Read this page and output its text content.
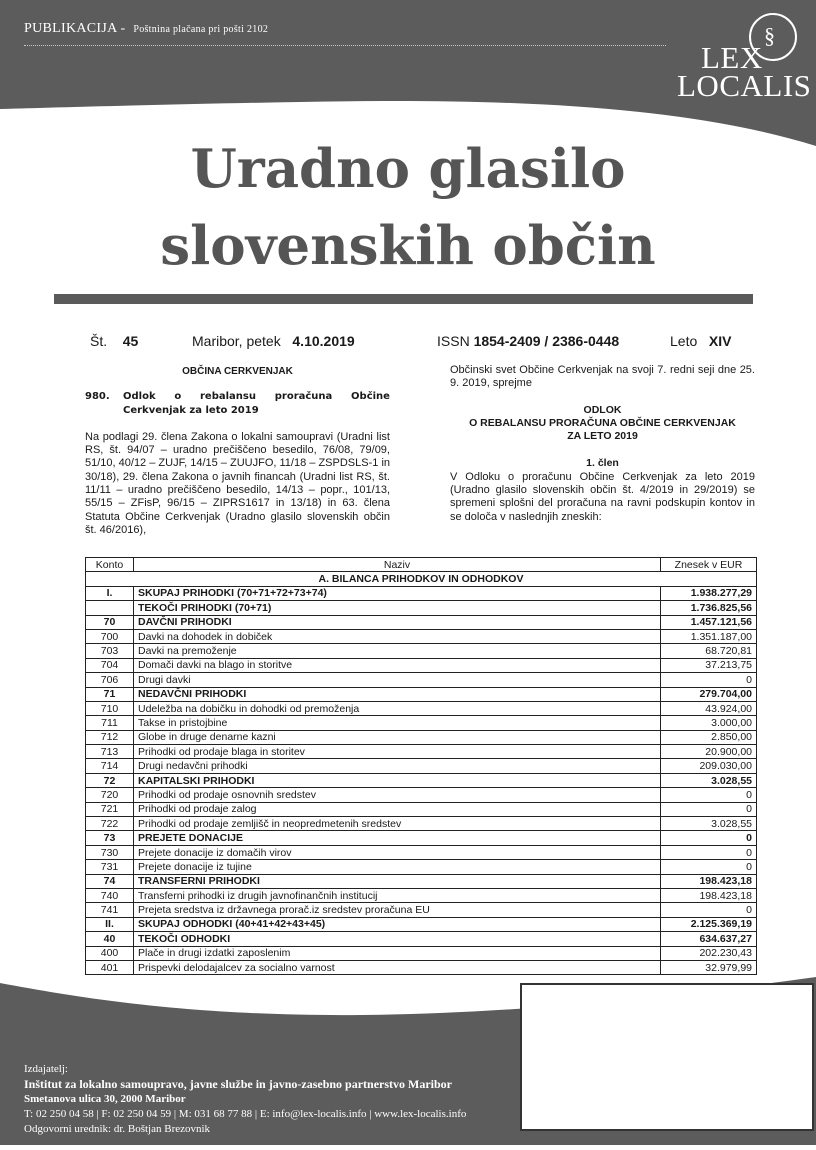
PUBLIKACIJA - Poštnina plačana pri pošti 2102	§
LEX
LOCALIS
Uradno glasilo
slovenskih občin
Št. 45	Maribor, petek 4.10.2019	ISSN 1854-2409 / 2386-0448	Leto XIV
OBČINA CERKVENJAK
980.	Odlok o rebalansu proračuna Občine
Cerkvenjak za leto 2019
Na podlagi 29. člena Zakona o lokalni samoupravi (Uradni list RS, št. 94/07 – uradno prečiščeno besedilo, 76/08, 79/09, 51/10, 40/12 – ZUJF, 14/15 – ZUUJFO, 11/18 – ZSPDSLS-1 in 30/18), 29. člena Zakona o javnih financah (Uradni list RS, št. 11/11 – uradno prečiščeno besedilo, 14/13 – popr., 101/13, 55/15 – ZFisP, 96/15 – ZIPRS1617 in 13/18) in 63. člena Statuta Občine Cerkvenjak (Uradno glasilo slovenskih občin št. 46/2016),
Občinski svet Občine Cerkvenjak na svoji 7. redni seji dne 25. 9. 2019, sprejme
ODLOK
O REBALANSU PRORAČUNA OBČINE CERKVENJAK
ZA LETO 2019
1. člen
V Odloku o proračunu Občine Cerkvenjak za leto 2019 (Uradno glasilo slovenskih občin št. 4/2019 in 29/2019) se spremeni splošni del proračuna na ravni podskupin kontov in se določa v naslednjih zneskih:
Konto	Naziv	Znesek v EUR
A. BILANCA PRIHODKOV IN ODHODKOV		
I.	SKUPAJ PRIHODKI (70+71+72+73+74)	1.938.277,29
	TEKOČI PRIHODKI (70+71)	1.736.825,56
70	DAVČNI PRIHODKI	1.457.121,56
700	Davki na dohodek in dobiček	1.351.187,00
703	Davki na premoženje	68.720,81
704	Domači davki na blago in storitve	37.213,75
706	Drugi davki	0
71	NEDAVČNI PRIHODKI	279.704,00
710	Udeležba na dobičku in dohodki od premoženja	43.924,00
711	Takse in pristojbine	3.000,00
712	Globe in druge denarne kazni	2.850,00
713	Prihodki od prodaje blaga in storitev	20.900,00
714	Drugi nedavčni prihodki	209.030,00
72	KAPITALSKI PRIHODKI	3.028,55
720	Prihodki od prodaje osnovnih sredstev	0
721	Prihodki od prodaje zalog	0
722	Prihodki od prodaje zemljišč in neopredmetenih sredstev	3.028,55
73	PREJETE DONACIJE	0
730	Prejete donacije iz domačih virov	0
731	Prejete donacije iz tujine	0
74	TRANSFERNI PRIHODKI	198.423,18
740	Transferni prihodki iz drugih javnofinančnih institucij	198.423,18
741	Prejeta sredstva iz državnega prorač.iz sredstev proračuna EU	0
II.	SKUPAJ ODHODKI (40+41+42+43+45)	2.125.369,19
40	TEKOČI ODHODKI	634.637,27
400	Plače in drugi izdatki zaposlenim	202.230,43
401	Prispevki delodajalcev za socialno varnost	32.979,99
Izdajatelj:
Inštitut za lokalno samoupravo, javne službe in javno-zasebno partnerstvo Maribor
Smetanova ulica 30, 2000 Maribor
T: 02 250 04 58 | F: 02 250 04 59 | M: 031 68 77 88 | E: info@lex-localis.info | www.lex-localis.info
Odgovorni urednik: dr. Boštjan Brezovnik
